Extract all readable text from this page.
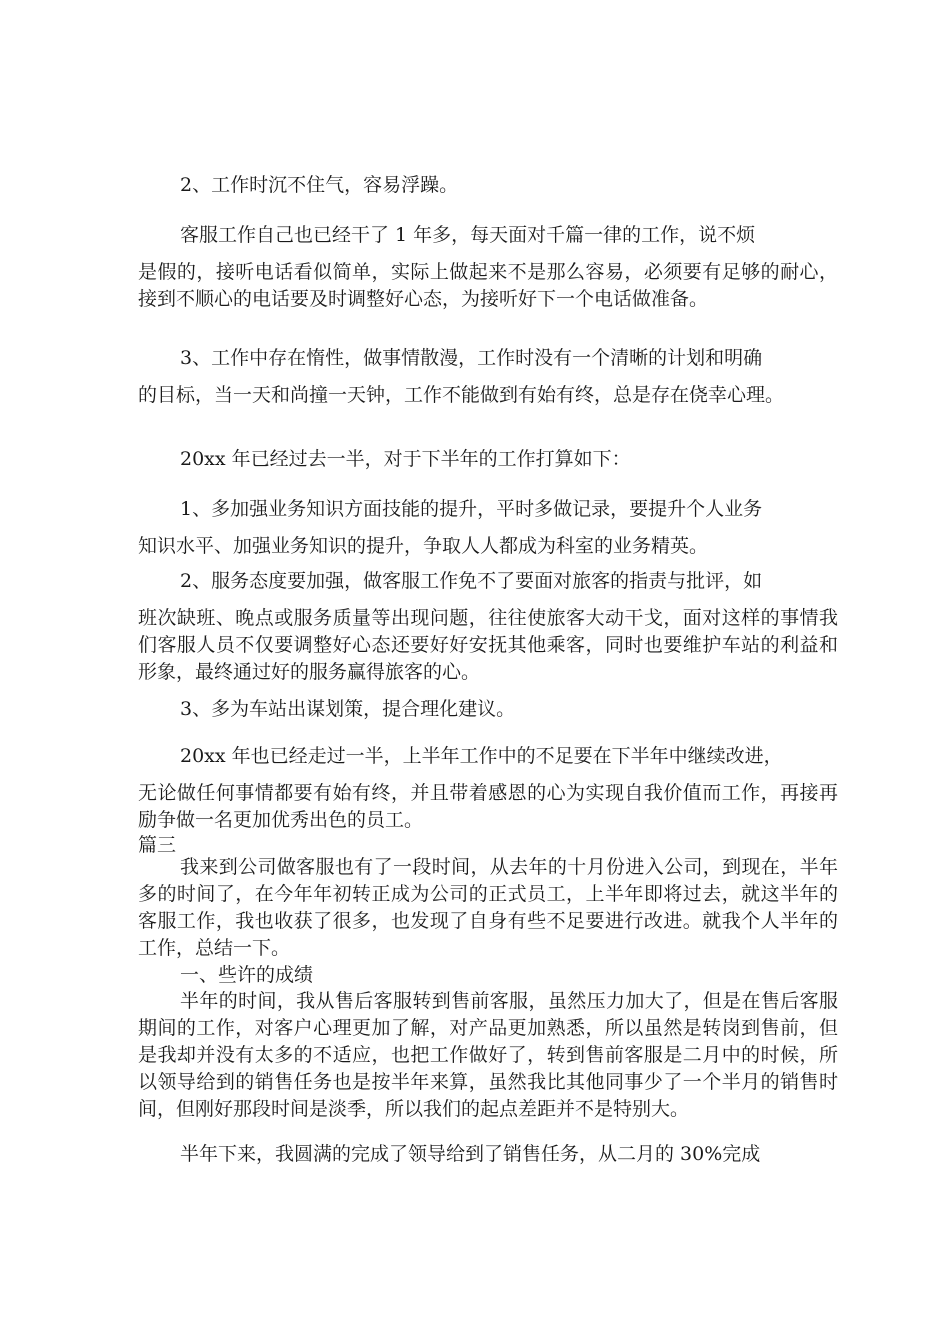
2、工作时沉不住气，容易浮躁。
客服工作自己也已经干了 1 年多，每天面对千篇一律的工作，说不烦
是假的，接听电话看似简单，实际上做起来不是那么容易，必须要有足够的耐心，接到不顺心的电话要及时调整好心态，为接听好下一个电话做准备。
3、工作中存在惰性，做事情散漫，工作时没有一个清晰的计划和明确
的目标，当一天和尚撞一天钟，工作不能做到有始有终，总是存在侥幸心理。
20xx 年已经过去一半，对于下半年的工作打算如下：
1、多加强业务知识方面技能的提升，平时多做记录，要提升个人业务
知识水平、加强业务知识的提升，争取人人都成为科室的业务精英。
2、服务态度要加强，做客服工作免不了要面对旅客的指责与批评，如
班次缺班、晚点或服务质量等出现问题，往往使旅客大动干戈，面对这样的事情我们客服人员不仅要调整好心态还要好好安抚其他乘客，同时也要维护车站的利益和形象，最终通过好的服务赢得旅客的心。
3、多为车站出谋划策，提合理化建议。
20xx 年也已经走过一半，上半年工作中的不足要在下半年中继续改进，
无论做任何事情都要有始有终，并且带着感恩的心为实现自我价值而工作，再接再励争做一名更加优秀出色的员工。
篇三
我来到公司做客服也有了一段时间，从去年的十月份进入公司，到现在，半年多的时间了，在今年年初转正成为公司的正式员工，上半年即将过去，就这半年的客服工作，我也收获了很多，也发现了自身有些不足要进行改进。就我个人半年的工作，总结一下。
一、些许的成绩
半年的时间，我从售后客服转到售前客服，虽然压力加大了，但是在售后客服期间的工作，对客户心理更加了解，对产品更加熟悉，所以虽然是转岗到售前，但是我却并没有太多的不适应，也把工作做好了，转到售前客服是二月中的时候，所以领导给到的销售任务也是按半年来算，虽然我比其他同事少了一个半月的销售时间，但刚好那段时间是淡季，所以我们的起点差距并不是特别大。
半年下来，我圆满的完成了领导给到了销售任务，从二月的 30%完成
